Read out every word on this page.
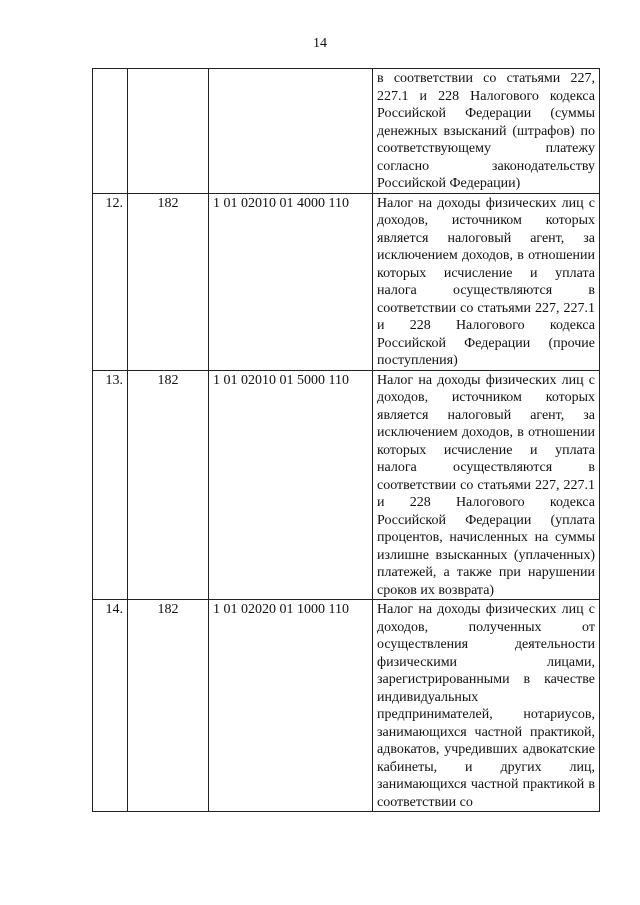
14
			в соответствии со статьями 227, 227.1 и 228 Налогового кодекса Российской Федерации (суммы денежных взысканий (штрафов) по соответствующему платежу согласно законодательству Российской Федерации)
12.	182	1 01 02010 01 4000 110	Налог на доходы физических лиц с доходов, источником которых является налоговый агент, за исключением доходов, в отношении которых исчисление и уплата налога осуществляются в соответствии со статьями 227, 227.1 и 228 Налогового кодекса Российской Федерации (прочие поступления)
13.	182	1 01 02010 01 5000 110	Налог на доходы физических лиц с доходов, источником которых является налоговый агент, за исключением доходов, в отношении которых исчисление и уплата налога осуществляются в соответствии со статьями 227, 227.1 и 228 Налогового кодекса Российской Федерации (уплата процентов, начисленных на суммы излишне взысканных (уплаченных) платежей, а также при нарушении сроков их возврата)
14.	182	1 01 02020 01 1000 110	Налог на доходы физических лиц с доходов, полученных от осуществления деятельности физическими лицами, зарегистрированными в качестве индивидуальных предпринимателей, нотариусов, занимающихся частной практикой, адвокатов, учредивших адвокатские кабинеты, и других лиц, занимающихся частной практикой в соответствии со
